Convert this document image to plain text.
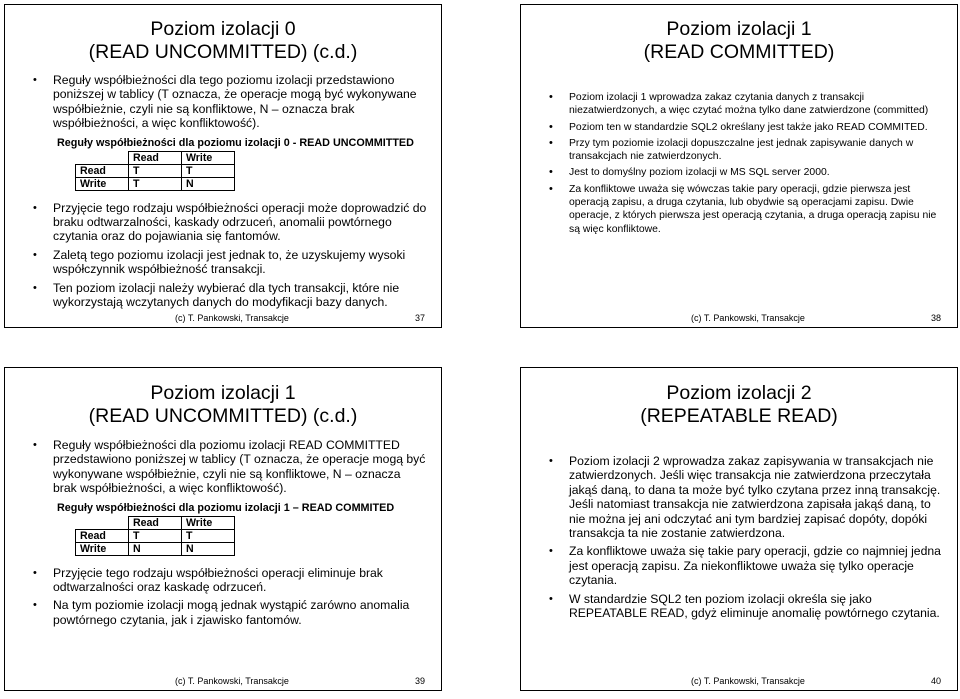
Poziom izolacji 0
(READ UNCOMMITTED) (c.d.)
• Reguły współbieżności dla tego poziomu izolacji przedstawiono poniższej w tablicy (T oznacza, że operacje mogą być wykonywane współbieżnie, czyli nie są konfliktowe, N – oznacza brak współbieżności, a więc konfliktowość).
Reguły współbieżności dla poziomu izolacji 0 - READ UNCOMMITTED
	Read	Write
Read	T	T
Write	T	N
• Przyjęcie tego rodzaju współbieżności operacji może doprowadzić do braku odtwarzalności, kaskady odrzuceń, anomalii powtórnego czytania oraz do pojawiania się fantomów.
• Zaletą tego poziomu izolacji jest jednak to, że uzyskujemy wysoki współczynnik współbieżność transakcji.
• Ten poziom izolacji należy wybierać dla tych transakcji, które nie wykorzystają wczytanych danych do modyfikacji bazy danych.
(c) T. Pankowski, Transakcje	37
Poziom izolacji 1
(READ COMMITTED)
• Poziom izolacji 1 wprowadza zakaz czytania danych z transakcji niezatwierdzonych, a więc czytać można tylko dane zatwierdzone (committed)
• Poziom ten w standardzie SQL2 określany jest także jako READ COMMITED.
• Przy tym poziomie izolacji dopuszczalne jest jednak zapisywanie danych w transakcjach nie zatwierdzonych.
• Jest to domyślny poziom izolacji w MS SQL server 2000.
• Za konfliktowe uważa się wówczas takie pary operacji, gdzie pierwsza jest operacją zapisu, a druga czytania, lub obydwie są operacjami zapisu. Dwie operacje, z których pierwsza jest operacją czytania, a druga operacją zapisu nie są więc konfliktowe.
(c) T. Pankowski, Transakcje	38
Poziom izolacji 1
(READ UNCOMMITTED) (c.d.)
• Reguły współbieżności dla poziomu izolacji READ COMMITTED przedstawiono poniższej w tablicy (T oznacza, że operacje mogą być wykonywane współbieżnie, czyli nie są konfliktowe, N – oznacza brak współbieżności, a więc konfliktowość).
Reguły współbieżności dla poziomu izolacji 1 – READ COMMITED
	Read	Write
Read	T	T
Write	N	N
• Przyjęcie tego rodzaju współbieżności operacji eliminuje brak odtwarzalności oraz kaskadę odrzuceń.
• Na tym poziomie izolacji mogą jednak wystąpić zarówno anomalia powtórnego czytania, jak i zjawisko fantomów.
(c) T. Pankowski, Transakcje	39
Poziom izolacji 2
(REPEATABLE READ)
• Poziom izolacji 2 wprowadza zakaz zapisywania w transakcjach nie zatwierdzonych. Jeśli więc transakcja nie zatwierdzona przeczytała jakąś daną, to dana ta może być tylko czytana przez inną transakcję. Jeśli natomiast transakcja nie zatwierdzona zapisała jakąś daną, to nie można jej ani odczytać ani tym bardziej zapisać dopóty, dopóki transakcja ta nie zostanie zatwierdzona.
• Za konfliktowe uważa się takie pary operacji, gdzie co najmniej jedna jest operacją zapisu. Za niekonfliktowe uważa się tylko operacje czytania.
• W standardzie SQL2 ten poziom izolacji określa się jako REPEATABLE READ, gdyż eliminuje anomalię powtórnego czytania.
(c) T. Pankowski, Transakcje	40
